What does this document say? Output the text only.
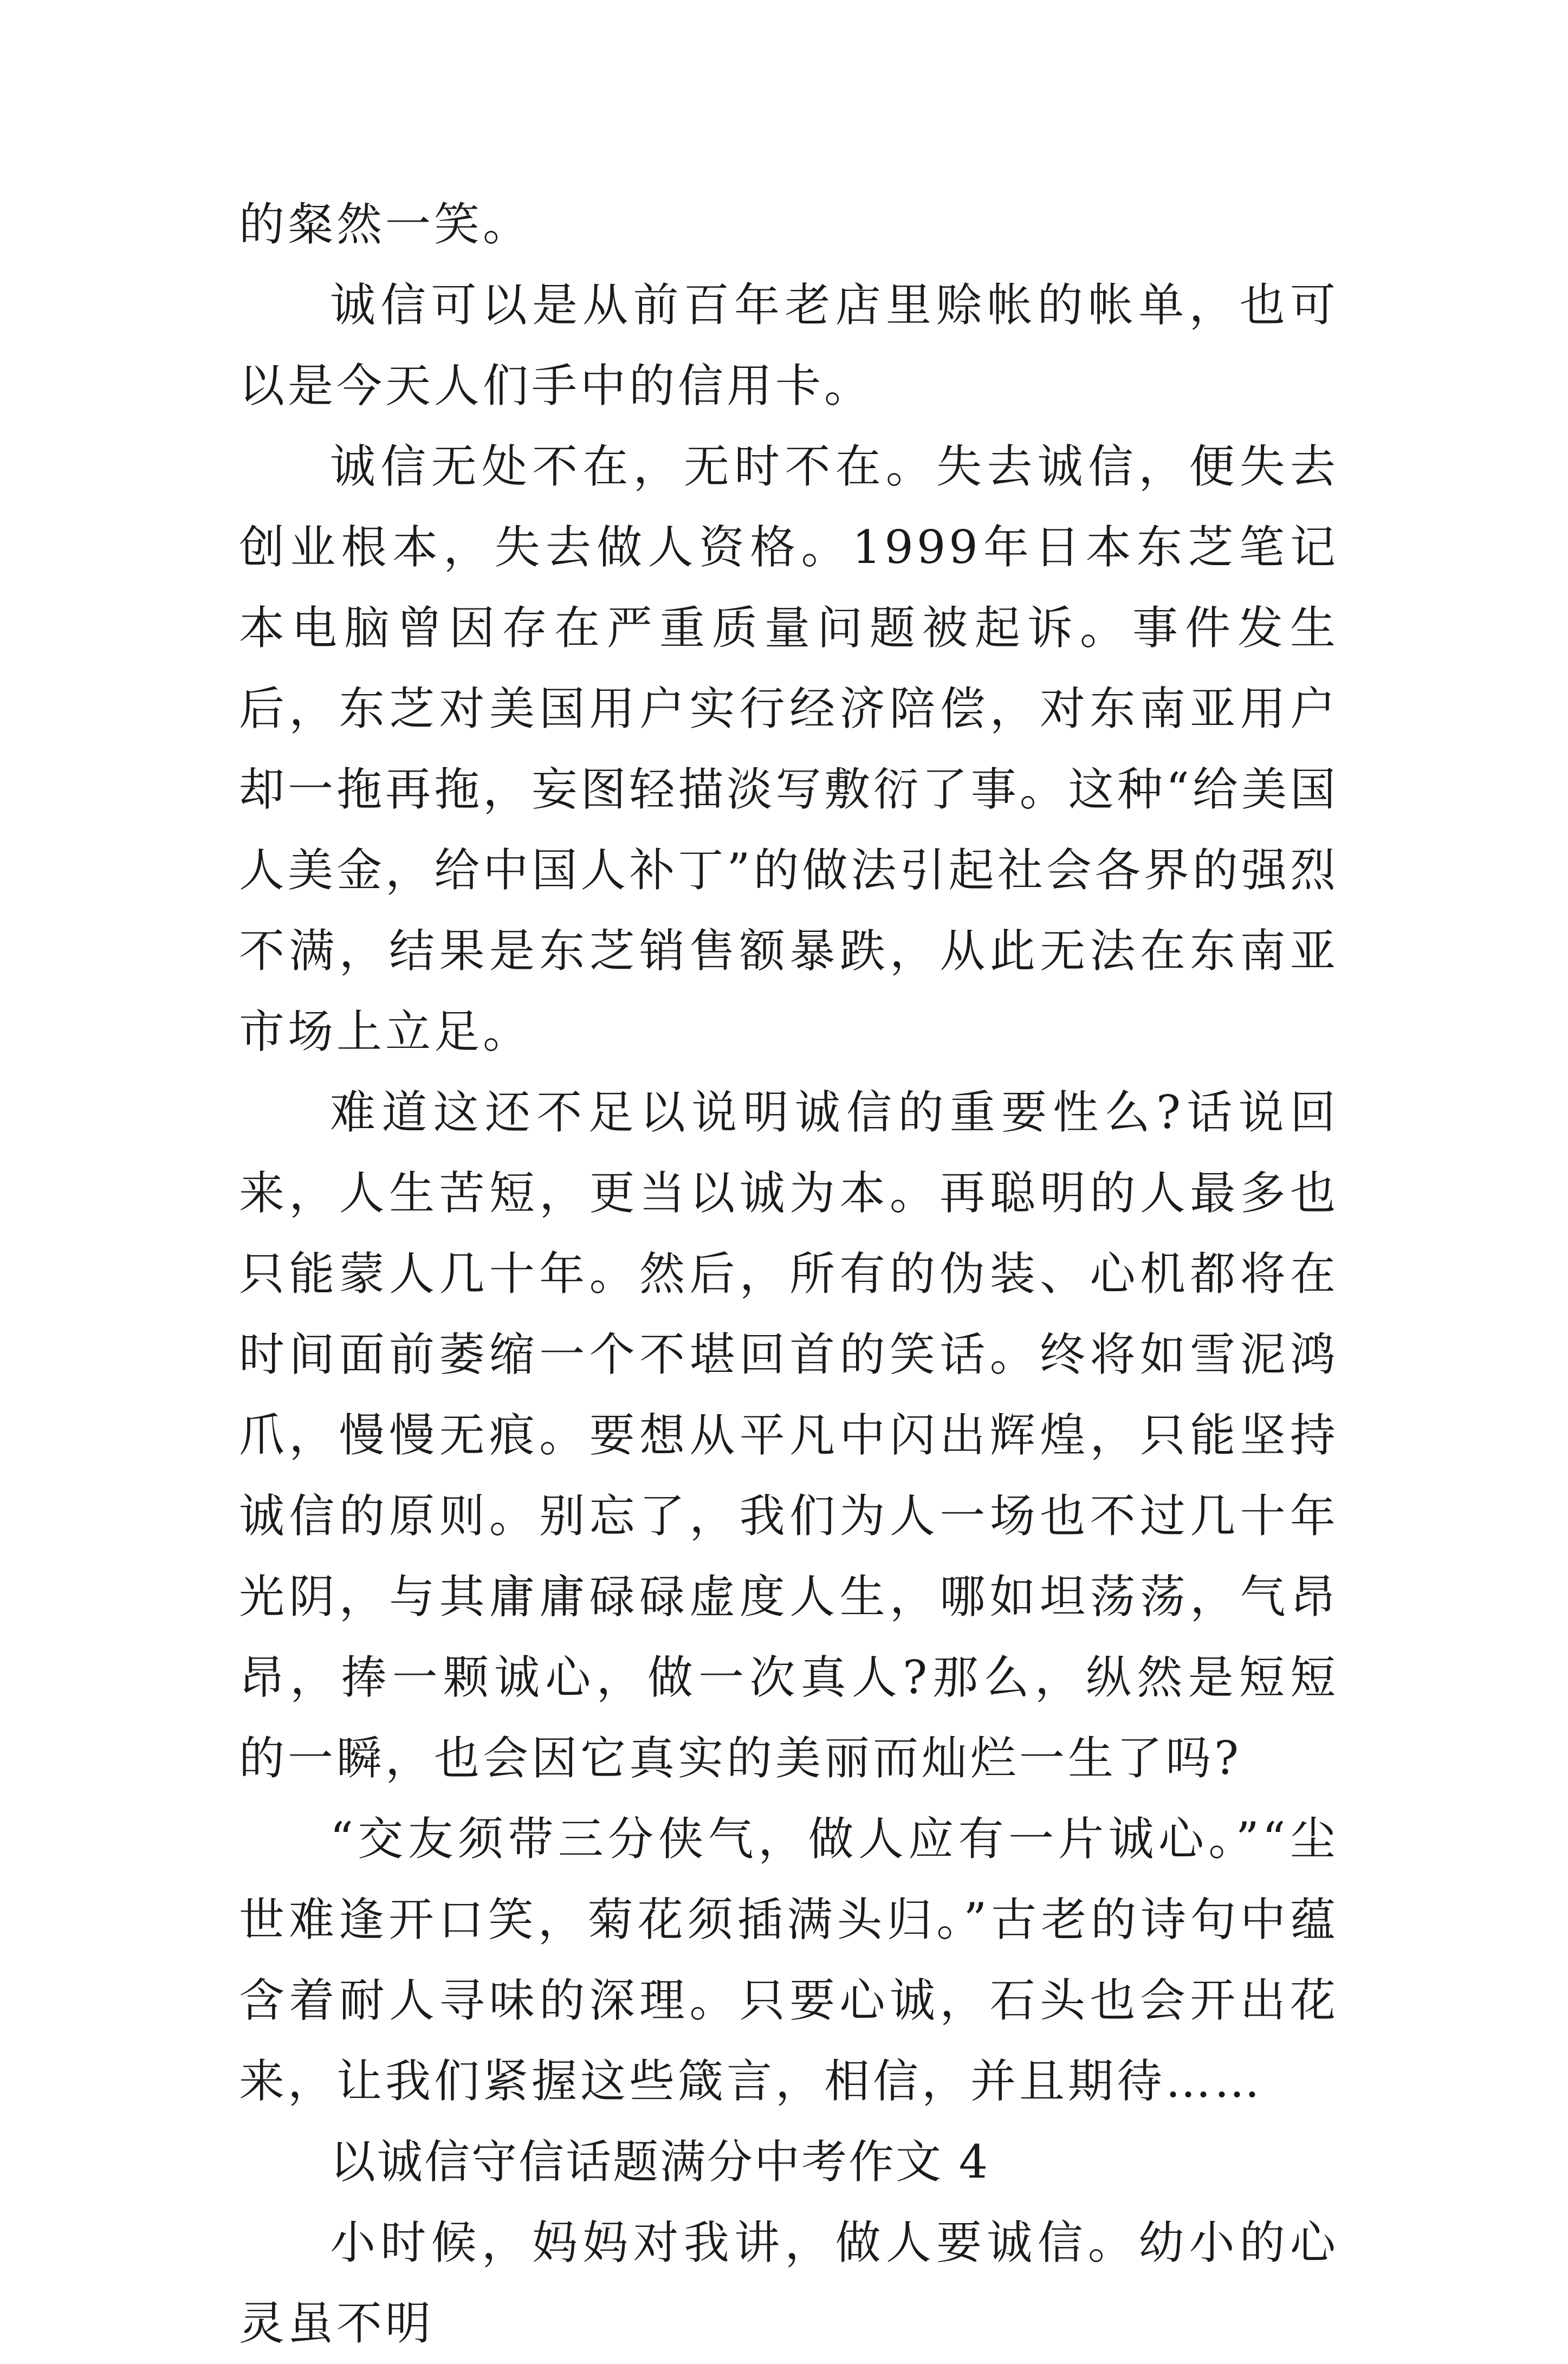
的粲然一笑。

诚信可以是从前百年老店里赊帐的帐单，也可以是今天人们手中的信用卡。

诚信无处不在，无时不在。失去诚信，便失去创业根本，失去做人资格。1999年日本东芝笔记本电脑曾因存在严重质量问题被起诉。事件发生后，东芝对美国用户实行经济陪偿，对东南亚用户却一拖再拖，妄图轻描淡写敷衍了事。这种“给美国人美金，给中国人补丁”的做法引起社会各界的强烈不满，结果是东芝销售额暴跌，从此无法在东南亚市场上立足。

难道这还不足以说明诚信的重要性么?话说回来，人生苦短，更当以诚为本。再聪明的人最多也只能蒙人几十年。然后，所有的伪装、心机都将在时间面前萎缩一个不堪回首的笑话。终将如雪泥鸿爪，慢慢无痕。要想从平凡中闪出辉煌，只能坚持诚信的原则。别忘了，我们为人一场也不过几十年光阴，与其庸庸碌碌虚度人生，哪如坦荡荡，气昂昂，捧一颗诚心，做一次真人?那么，纵然是短短的一瞬，也会因它真实的美丽而灿烂一生了吗?

“交友须带三分侠气，做人应有一片诚心。”“尘世难逢开口笑，菊花须插满头归。”古老的诗句中蕴含着耐人寻味的深理。只要心诚，石头也会开出花来，让我们紧握这些箴言，相信，并且期待……

以诚信守信话题满分中考作文 4

小时候，妈妈对我讲，做人要诚信。幼小的心灵虽不明
